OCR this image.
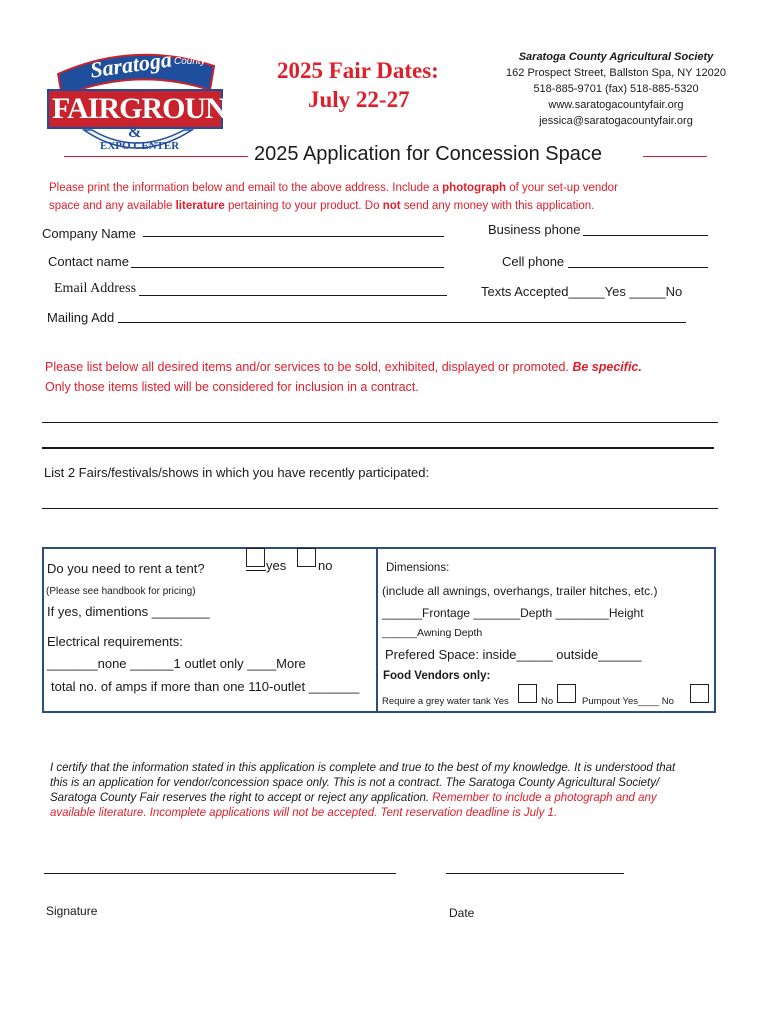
Saratoga County
FAIRGROUNDS
&
EXPO CENTER
2025 Fair Dates:
July 22-27
Saratoga County Agricultural Society
162 Prospect Street, Ballston Spa, NY 12020
518-885-9701 (fax) 518-885-5320
www.saratogacountyfair.org
jessica@saratogacountyfair.org
2025 Application for Concession Space
Please print the information below and email to the above address. Include a photograph of your set-up vendor
space and any available literature pertaining to your product. Do not send any money with this application.
Company Name	Business phone
Contact name	Cell phone
Email Address	Texts Accepted_____Yes _____No
Mailing Add
Please list below all desired items and/or services to be sold, exhibited, displayed or promoted. Be specific.
Only those items listed will be considered for inclusion in a contract.
List 2 Fairs/festivals/shows in which you have recently participated:
Do you need to rent a tent?	yes no
(Please see handbook for pricing)
If yes, dimentions ________
Electrical requirements:
_______none ______1 outlet only ____More
total no. of amps if more than one 110-outlet _______
Dimensions:
(include all awnings, overhangs, trailer hitches, etc.)
______Frontage _______Depth ________Height
______Awning Depth
Prefered Space: inside_____ outside______
Food Vendors only:
Require a grey water tank Yes	No	Pumpout Yes____ No
I certify that the information stated in this application is complete and true to the best of my knowledge. It is understood that
this is an application for vendor/concession space only. This is not a contract. The Saratoga County Agricultural Society/
Saratoga County Fair reserves the right to accept or reject any application. Remember to include a photograph and any
available literature. Incomplete applications will not be accepted. Tent reservation deadline is July 1.
Signature	Date
